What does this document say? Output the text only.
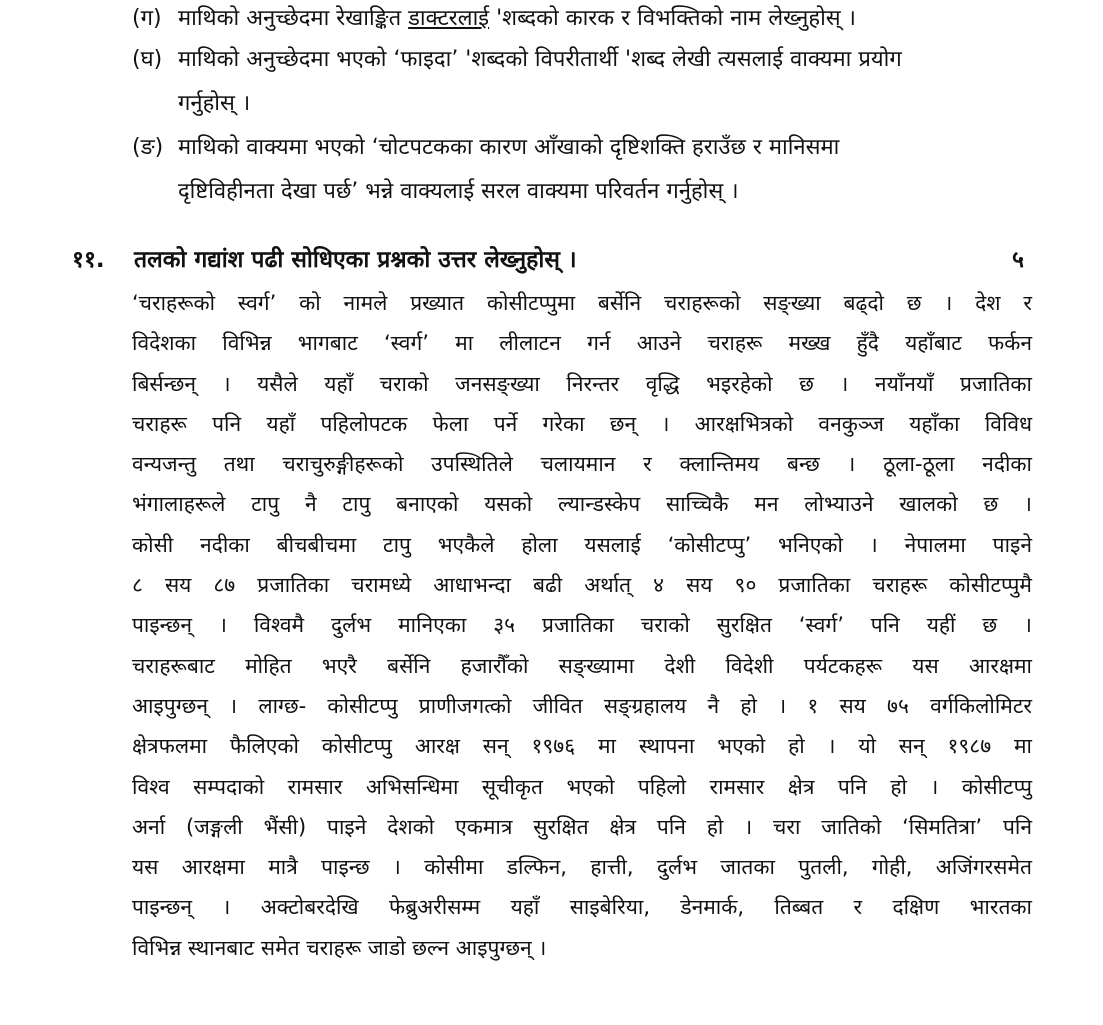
(ग) माथिको अनुच्छेदमा रेखाङ्कित डाक्टरलाई 'शब्दको कारक र विभक्तिको नाम लेख्नुहोस् ।
(घ) माथिको अनुच्छेदमा भएको ‘फाइदा’ 'शब्दको विपरीतार्थी 'शब्द लेखी त्यसलाई वाक्यमा प्रयोग
गर्नुहोस् ।
(ङ) माथिको वाक्यमा भएको ‘चोटपटकका कारण आँखाको दृष्टिशक्ति हराउँछ र मानिसमा
दृष्टिविहीनता देखा पर्छ’ भन्ने वाक्यलाई सरल वाक्यमा परिवर्तन गर्नुहोस् ।
११. तलको गद्यांश पढी सोधिएका प्रश्नको उत्तर लेख्नुहोस् ।	५
‘चराहरूको स्वर्ग’ को नामले प्रख्यात कोसीटप्पुमा बर्सेनि चराहरूको सङ्ख्या बढ्दो छ । देश र
विदेशका विभिन्न भागबाट ‘स्वर्ग’ मा लीलाटन गर्न आउने चराहरू मख्ख हुँदै यहाँबाट फर्कन
बिर्सन्छन् । यसैले यहाँ चराको जनसङ्ख्या निरन्तर वृद्धि भइरहेको छ । नयाँनयाँ प्रजातिका
चराहरू पनि यहाँ पहिलोपटक फेला पर्ने गरेका छन् । आरक्षभित्रको वनकुञ्ज यहाँका विविध
वन्यजन्तु तथा चराचुरुङ्गीहरूको उपस्थितिले चलायमान र क्लान्तिमय बन्छ । ठूला-ठूला नदीका
भंगालाहरूले टापु नै टापु बनाएको यसको ल्यान्डस्केप साच्चिकै मन लोभ्याउने खालको छ ।
कोसी नदीका बीचबीचमा टापु भएकैले होला यसलाई ‘कोसीटप्पु’ भनिएको । नेपालमा पाइने
८ सय ८७ प्रजातिका चरामध्ये आधाभन्दा बढी अर्थात् ४ सय ९० प्रजातिका चराहरू कोसीटप्पुमै
पाइन्छन् । विश्वमै दुर्लभ मानिएका ३५ प्रजातिका चराको सुरक्षित ‘स्वर्ग’ पनि यहीं छ ।
चराहरूबाट मोहित भएरै बर्सेनि हजारौँको सङ्ख्यामा देशी विदेशी पर्यटकहरू यस आरक्षमा
आइपुग्छन् । लाग्छ- कोसीटप्पु प्राणीजगत्को जीवित सङ्ग्रहालय नै हो । १ सय ७५ वर्गकिलोमिटर
क्षेत्रफलमा फैलिएको कोसीटप्पु आरक्ष सन् १९७६ मा स्थापना भएको हो । यो सन् १९८७ मा
विश्व सम्पदाको रामसार अभिसन्धिमा सूचीकृत भएको पहिलो रामसार क्षेत्र पनि हो । कोसीटप्पु
अर्ना (जङ्गली भैंसी) पाइने देशको एकमात्र सुरक्षित क्षेत्र पनि हो । चरा जातिको ‘सिमतित्रा’ पनि
यस आरक्षमा मात्रै पाइन्छ । कोसीमा डल्फिन, हात्ती, दुर्लभ जातका पुतली, गोही, अजिंगरसमेत
पाइन्छन् । अक्टोबरदेखि फेब्रुअरीसम्म यहाँ साइबेरिया, डेनमार्क, तिब्बत र दक्षिण भारतका
विभिन्न स्थानबाट समेत चराहरू जाडो छल्न आइपुग्छन् ।
